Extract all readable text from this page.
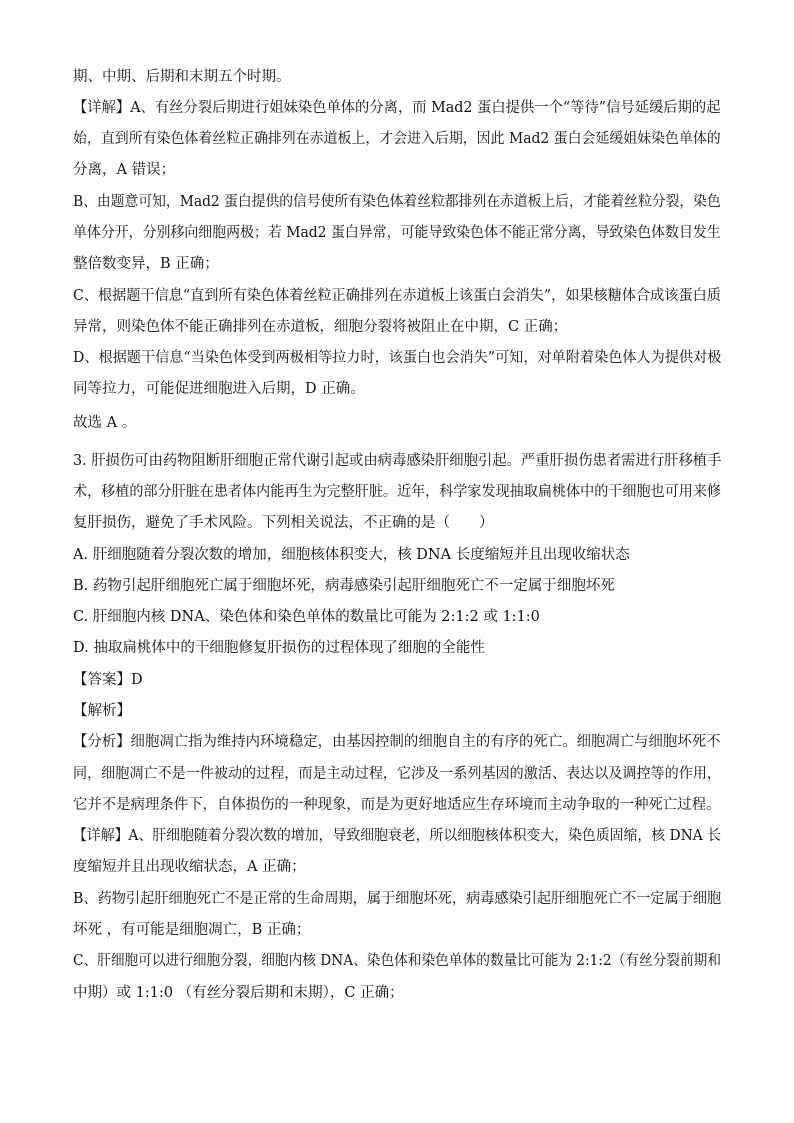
期、中期、后期和末期五个时期。
【详解】A、有丝分裂后期进行姐妹染色单体的分离，而 Mad2 蛋白提供一个“等待”信号延缓后期的起
始，直到所有染色体着丝粒正确排列在赤道板上，才会进入后期，因此 Mad2 蛋白会延缓姐妹染色单体的
分离，A 错误；
B、由题意可知，Mad2 蛋白提供的信号使所有染色体着丝粒都排列在赤道板上后，才能着丝粒分裂，染色
单体分开，分别移向细胞两极；若 Mad2 蛋白异常，可能导致染色体不能正常分离，导致染色体数目发生
整倍数变异，B 正确；
C、根据题干信息“直到所有染色体着丝粒正确排列在赤道板上该蛋白会消失”，如果核糖体合成该蛋白质
异常，则染色体不能正确排列在赤道板，细胞分裂将被阻止在中期，C 正确；
D、根据题干信息“当染色体受到两极相等拉力时，该蛋白也会消失”可知，对单附着染色体人为提供对极
同等拉力，可能促进细胞进入后期，D 正确。
故选 A 。
3. 肝损伤可由药物阻断肝细胞正常代谢引起或由病毒感染肝细胞引起。严重肝损伤患者需进行肝移植手
术，移植的部分肝脏在患者体内能再生为完整肝脏。近年，科学家发现抽取扁桃体中的干细胞也可用来修
复肝损伤，避免了手术风险。下列相关说法，不正确的是（　　）
A. 肝细胞随着分裂次数的增加，细胞核体积变大，核 DNA 长度缩短并且出现收缩状态
B. 药物引起肝细胞死亡属于细胞坏死，病毒感染引起肝细胞死亡不一定属于细胞坏死
C. 肝细胞内核 DNA、染色体和染色单体的数量比可能为 2:1:2 或 1:1:0
D. 抽取扁桃体中的干细胞修复肝损伤的过程体现了细胞的全能性
【答案】D
【解析】
【分析】细胞凋亡指为维持内环境稳定，由基因控制的细胞自主的有序的死亡。细胞凋亡与细胞坏死不
同，细胞凋亡不是一件被动的过程，而是主动过程，它涉及一系列基因的激活、表达以及调控等的作用，
它并不是病理条件下，自体损伤的一种现象，而是为更好地适应生存环境而主动争取的一种死亡过程。
【详解】A、肝细胞随着分裂次数的增加，导致细胞衰老，所以细胞核体积变大，染色质固缩，核 DNA 长
度缩短并且出现收缩状态，A 正确；
B、药物引起肝细胞死亡不是正常的生命周期，属于细胞坏死，病毒感染引起肝细胞死亡不一定属于细胞
坏死 ，有可能是细胞凋亡，B 正确；
C、肝细胞可以进行细胞分裂，细胞内核 DNA、染色体和染色单体的数量比可能为 2:1:2（有丝分裂前期和
中期）或 1:1:0 （有丝分裂后期和末期），C 正确；
